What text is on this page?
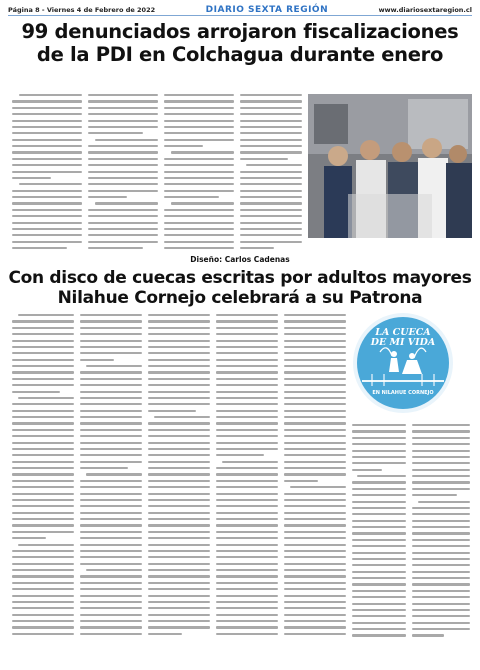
Página 8 - Viernes 4 de Febrero de 2022	DIARIO SEXTA REGIÓN	www.diariosextaregion.cl
99 denunciados arrojaron fiscalizaciones
de la PDI en Colchagua durante enero
Diseño: Carlos Cadenas
Con disco de cuecas escritas por adultos mayores
Nilahue Cornejo celebrará a su Patrona
LA CUECA
DE MI VIDA
EN NILAHUE CORNEJO
